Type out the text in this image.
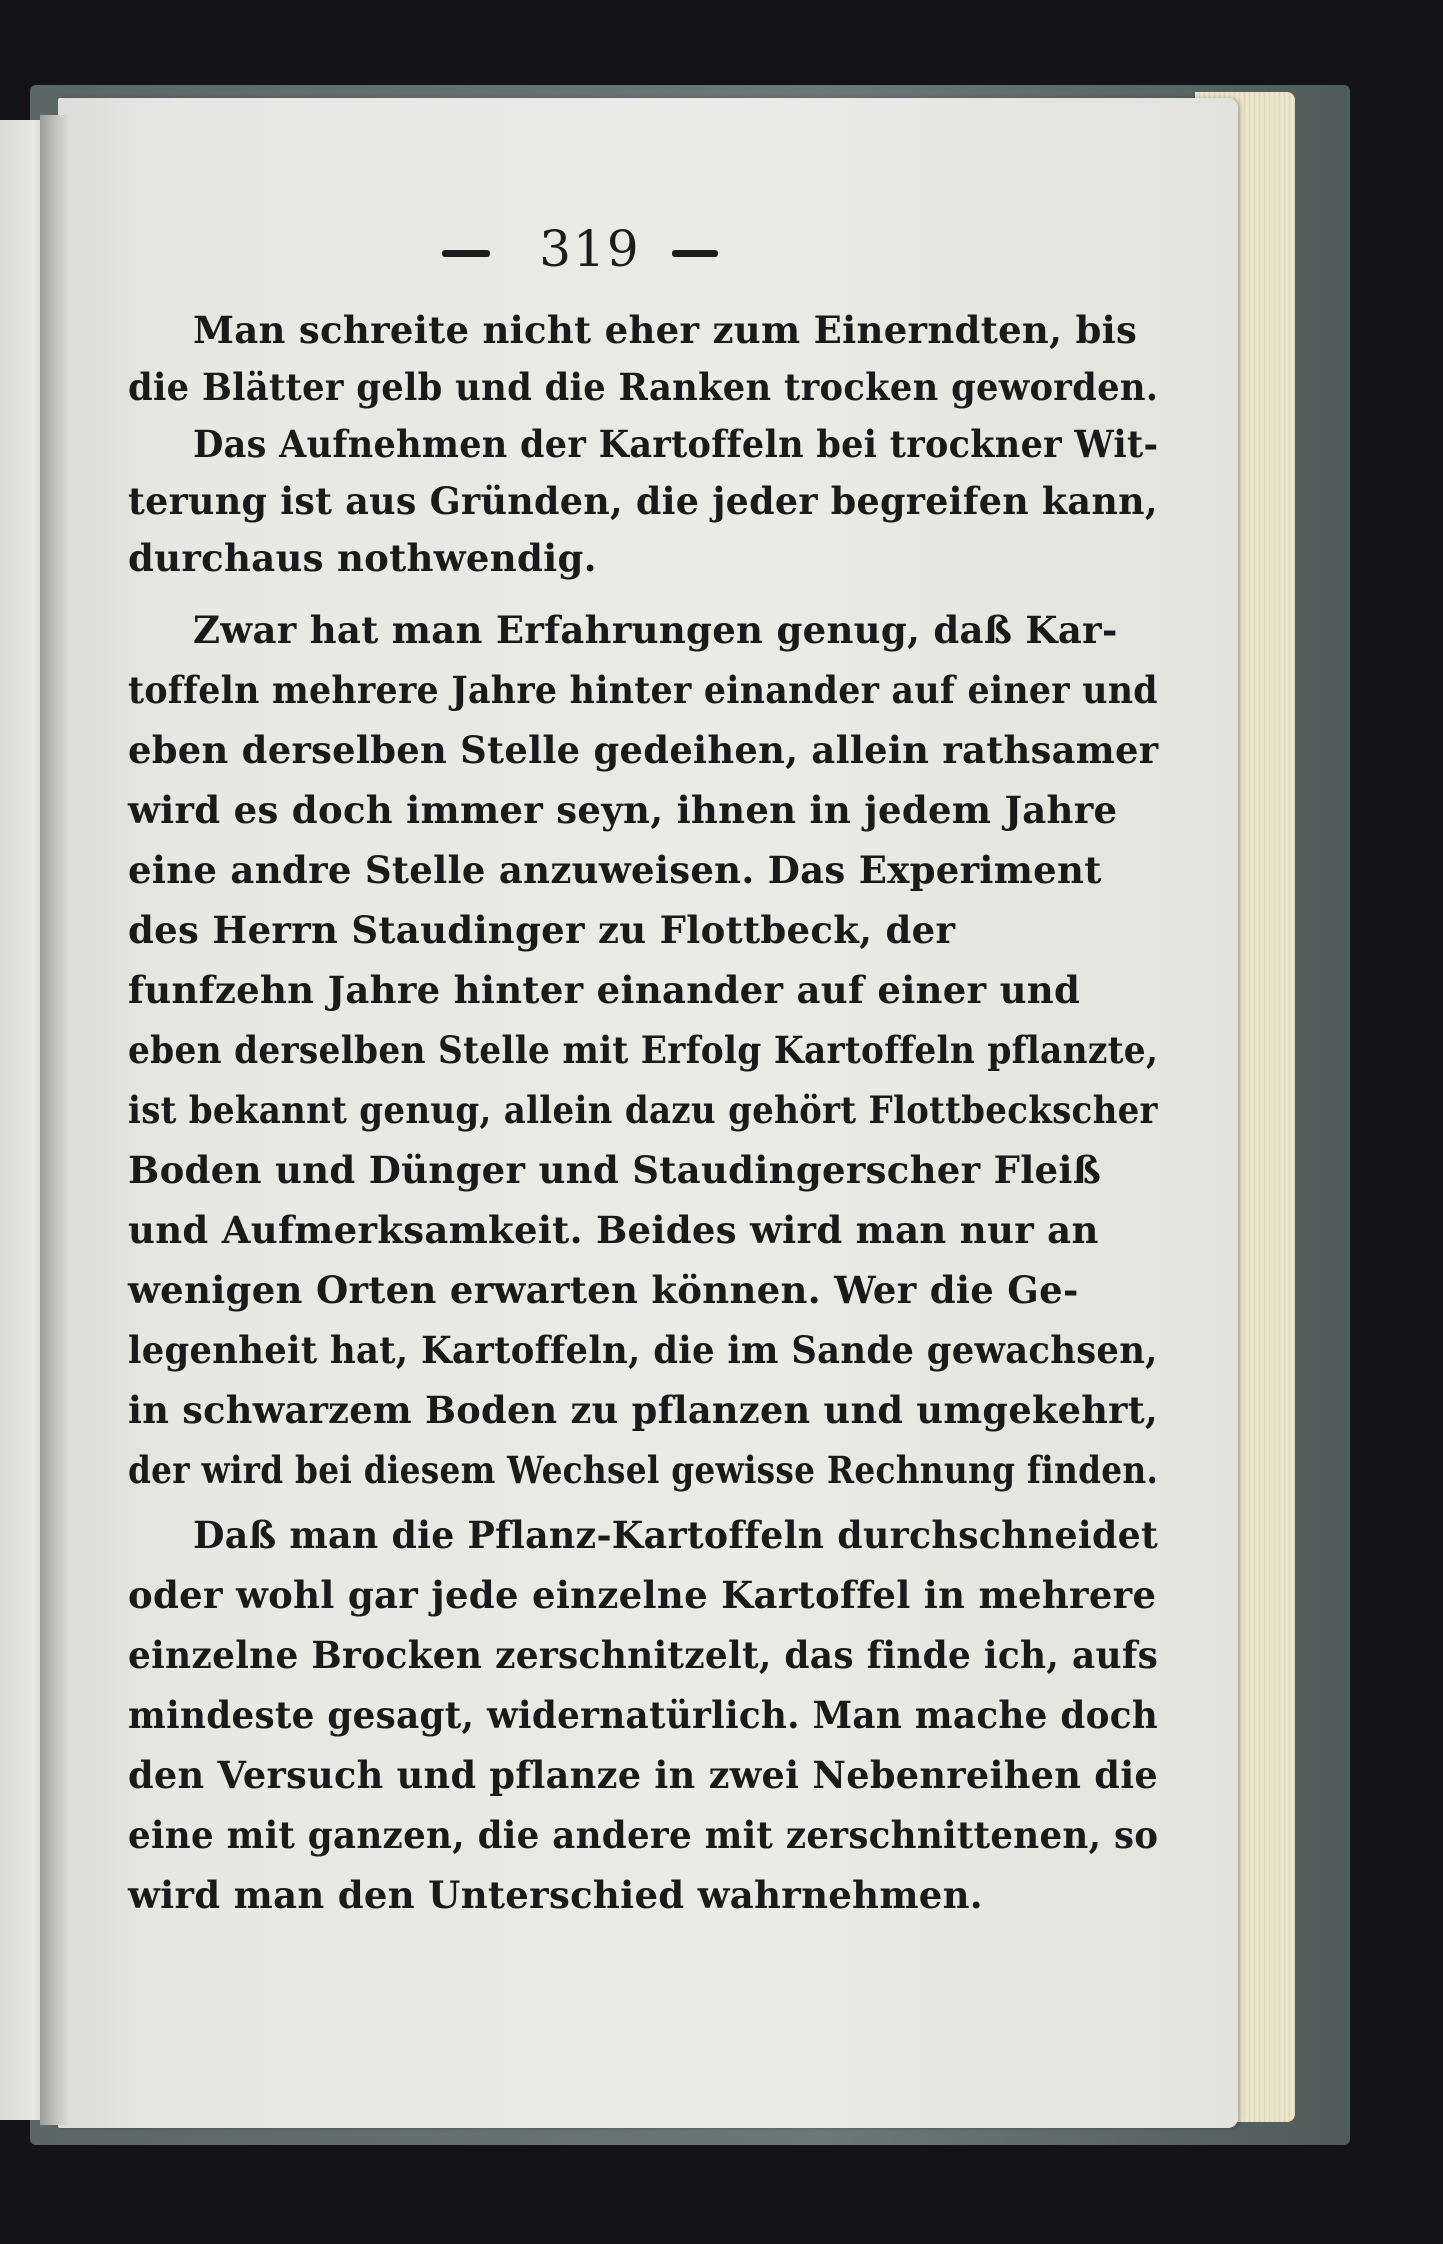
319
Man schreite nicht eher zum Einerndten, bis
die Blätter gelb und die Ranken trocken geworden.
Das Aufnehmen der Kartoffeln bei trockner Wit-
terung ist aus Gründen, die jeder begreifen kann,
durchaus nothwendig.
Zwar hat man Erfahrungen genug, daß Kar-
toffeln mehrere Jahre hinter einander auf einer und
eben derselben Stelle gedeihen, allein rathsamer
wird es doch immer seyn, ihnen in jedem Jahre
eine andre Stelle anzuweisen. Das Experiment
des Herrn Staudinger zu Flottbeck, der
funfzehn Jahre hinter einander auf einer und
eben derselben Stelle mit Erfolg Kartoffeln pflanzte,
ist bekannt genug, allein dazu gehört Flottbeckscher
Boden und Dünger und Staudingerscher Fleiß
und Aufmerksamkeit. Beides wird man nur an
wenigen Orten erwarten können. Wer die Ge-
legenheit hat, Kartoffeln, die im Sande gewachsen,
in schwarzem Boden zu pflanzen und umgekehrt,
der wird bei diesem Wechsel gewisse Rechnung finden.
Daß man die Pflanz-Kartoffeln durchschneidet
oder wohl gar jede einzelne Kartoffel in mehrere
einzelne Brocken zerschnitzelt, das finde ich, aufs
mindeste gesagt, widernatürlich. Man mache doch
den Versuch und pflanze in zwei Nebenreihen die
eine mit ganzen, die andere mit zerschnittenen, so
wird man den Unterschied wahrnehmen.
